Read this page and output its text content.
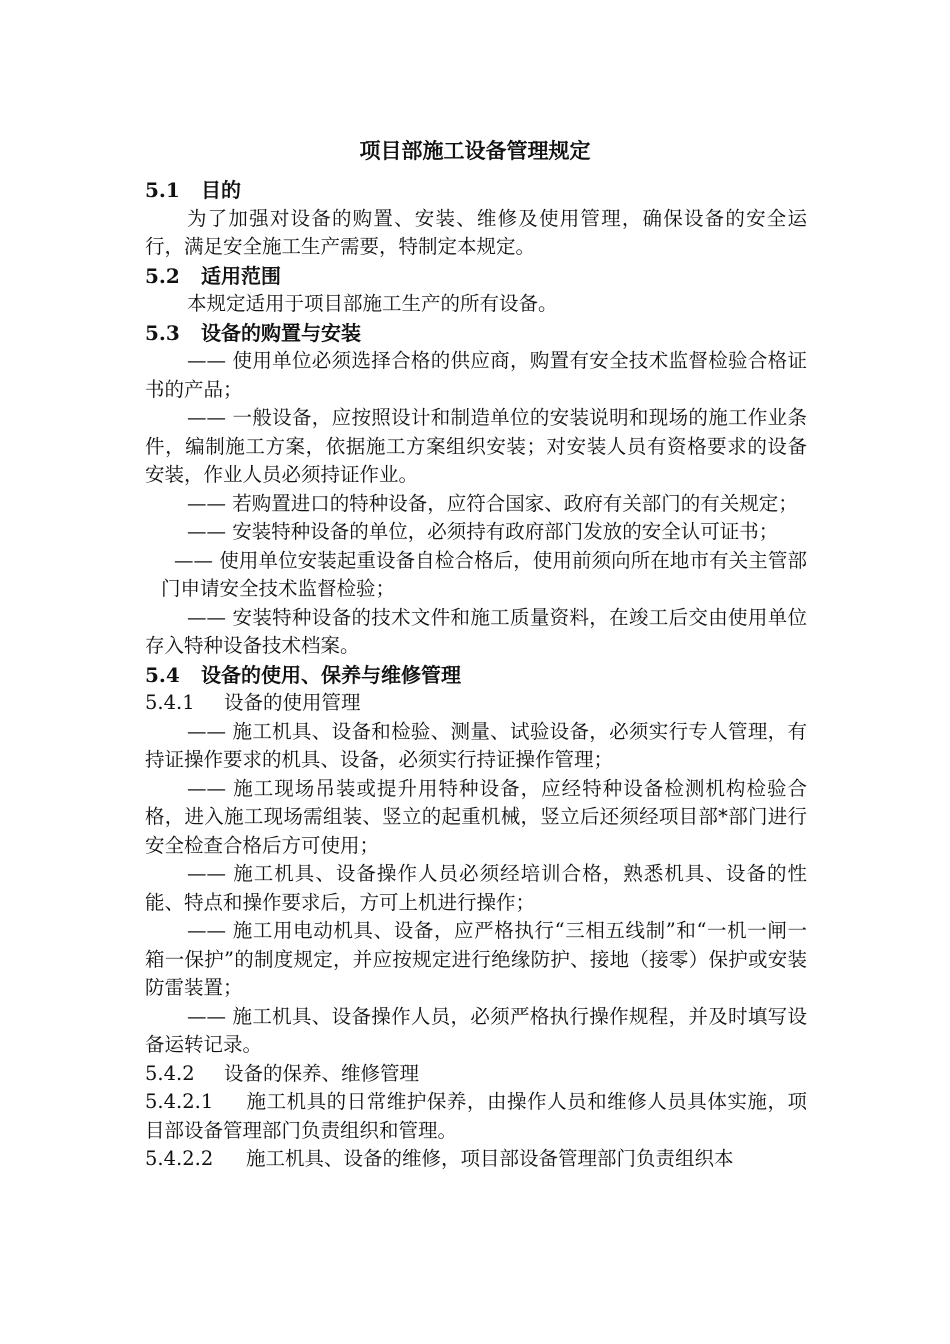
项目部施工设备管理规定

5.1 目的

为了加强对设备的购置、安装、维修及使用管理，确保设备的安全运行，满足安全施工生产需要，特制定本规定。

5.2 适用范围

本规定适用于项目部施工生产的所有设备。

5.3 设备的购置与安装

—— 使用单位必须选择合格的供应商，购置有安全技术监督检验合格证书的产品；

—— 一般设备，应按照设计和制造单位的安装说明和现场的施工作业条件，编制施工方案，依据施工方案组织安装；对安装人员有资格要求的设备安装，作业人员必须持证作业。

—— 若购置进口的特种设备，应符合国家、政府有关部门的有关规定；

—— 安装特种设备的单位，必须持有政府部门发放的安全认可证书；

—— 使用单位安装起重设备自检合格后，使用前须向所在地市有关主管部门申请安全技术监督检验；

—— 安装特种设备的技术文件和施工质量资料，在竣工后交由使用单位存入特种设备技术档案。

5.4 设备的使用、保养与维修管理

5.4.1 设备的使用管理

—— 施工机具、设备和检验、测量、试验设备，必须实行专人管理，有持证操作要求的机具、设备，必须实行持证操作管理；

—— 施工现场吊装或提升用特种设备，应经特种设备检测机构检验合格，进入施工现场需组装、竖立的起重机械，竖立后还须经项目部*部门进行安全检查合格后方可使用；

—— 施工机具、设备操作人员必须经培训合格，熟悉机具、设备的性能、特点和操作要求后，方可上机进行操作；

—— 施工用电动机具、设备，应严格执行“三相五线制”和“一机一闸一箱一保护”的制度规定，并应按规定进行绝缘防护、接地（接零）保护或安装防雷装置；

—— 施工机具、设备操作人员，必须严格执行操作规程，并及时填写设备运转记录。

5.4.2 设备的保养、维修管理

5.4.2.1 施工机具的日常维护保养，由操作人员和维修人员具体实施，项目部设备管理部门负责组织和管理。

5.4.2.2 施工机具、设备的维修，项目部设备管理部门负责组织本
